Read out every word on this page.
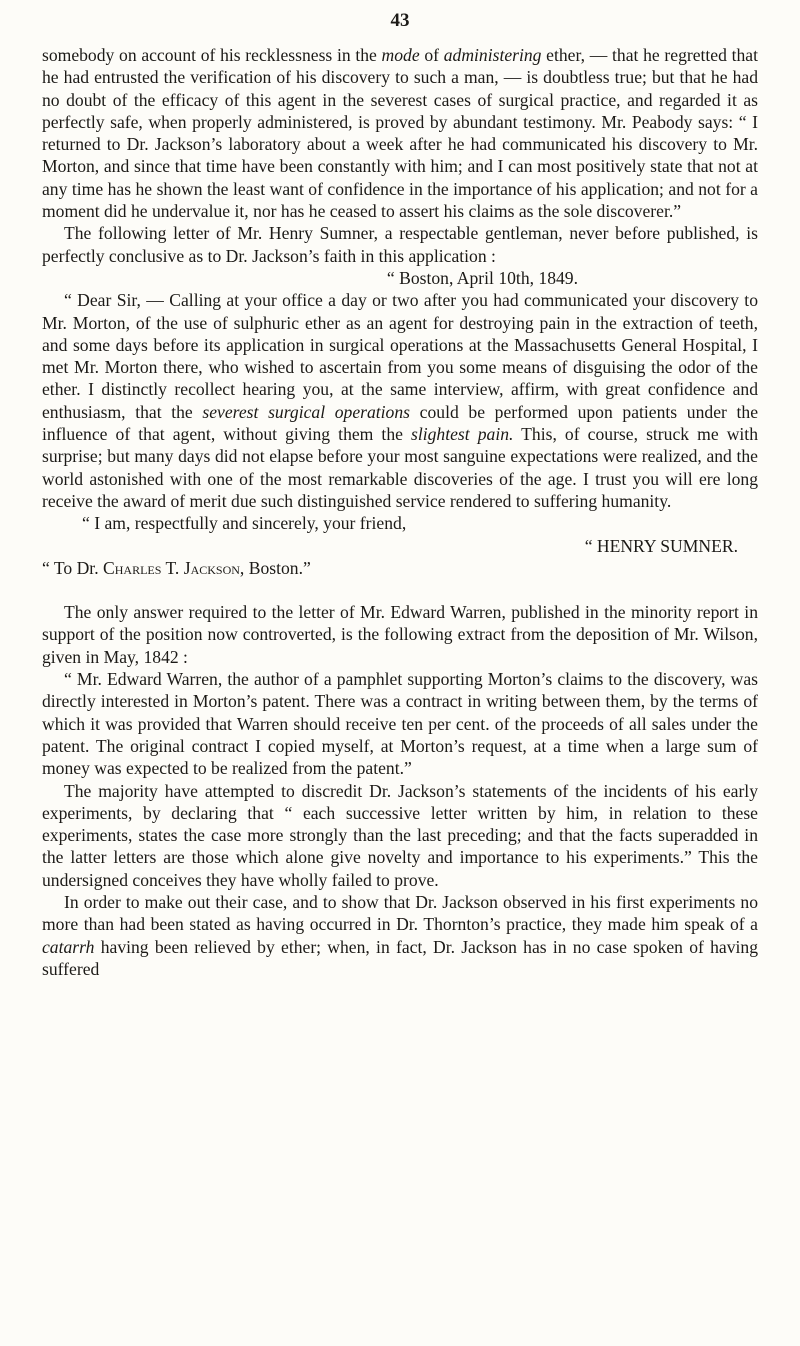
43

somebody on account of his recklessness in the mode of administering ether, — that he regretted that he had entrusted the verification of his discovery to such a man, — is doubtless true; but that he had no doubt of the efficacy of this agent in the severest cases of surgical practice, and regarded it as perfectly safe, when properly administered, is proved by abundant testimony. Mr. Peabody says: “ I returned to Dr. Jackson’s laboratory about a week after he had communicated his discovery to Mr. Morton, and since that time have been constantly with him; and I can most positively state that not at any time has he shown the least want of confidence in the importance of his application; and not for a moment did he undervalue it, nor has he ceased to assert his claims as the sole discoverer.”

The following letter of Mr. Henry Sumner, a respectable gentleman, never before published, is perfectly conclusive as to Dr. Jackson’s faith in this application :

“ Boston, April 10th, 1849.

“ Dear Sir, — Calling at your office a day or two after you had communicated your discovery to Mr. Morton, of the use of sulphuric ether as an agent for destroying pain in the extraction of teeth, and some days before its application in surgical operations at the Massachusetts General Hospital, I met Mr. Morton there, who wished to ascertain from you some means of disguising the odor of the ether. I distinctly recollect hearing you, at the same interview, affirm, with great confidence and enthusiasm, that the severest surgical operations could be performed upon patients under the influence of that agent, without giving them the slightest pain. This, of course, struck me with surprise; but many days did not elapse before your most sanguine expectations were realized, and the world astonished with one of the most remarkable discoveries of the age. I trust you will ere long receive the award of merit due such distinguished service rendered to suffering humanity.

“ I am, respectfully and sincerely, your friend,

“ HENRY SUMNER.

“ To Dr. Charles T. Jackson, Boston.”

The only answer required to the letter of Mr. Edward Warren, published in the minority report in support of the position now controverted, is the following extract from the deposition of Mr. Wilson, given in May, 1842 :

“ Mr. Edward Warren, the author of a pamphlet supporting Morton’s claims to the discovery, was directly interested in Morton’s patent. There was a contract in writing between them, by the terms of which it was provided that Warren should receive ten per cent. of the proceeds of all sales under the patent. The original contract I copied myself, at Morton’s request, at a time when a large sum of money was expected to be realized from the patent.”

The majority have attempted to discredit Dr. Jackson’s statements of the incidents of his early experiments, by declaring that “ each successive letter written by him, in relation to these experiments, states the case more strongly than the last preceding; and that the facts superadded in the latter letters are those which alone give novelty and importance to his experiments.” This the undersigned conceives they have wholly failed to prove.

In order to make out their case, and to show that Dr. Jackson observed in his first experiments no more than had been stated as having occurred in Dr. Thornton’s practice, they made him speak of a catarrh having been relieved by ether; when, in fact, Dr. Jackson has in no case spoken of having suffered
